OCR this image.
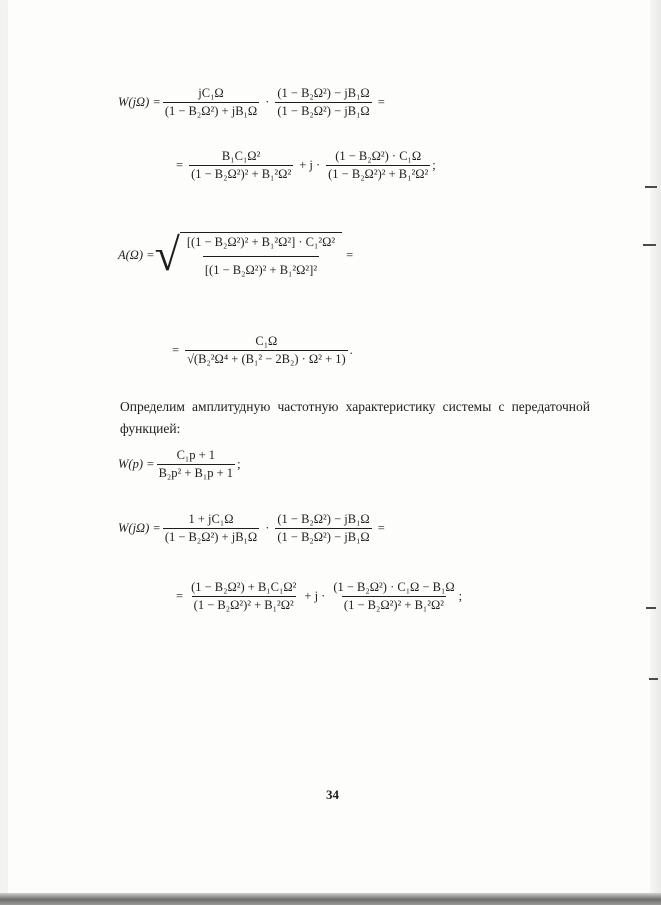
$W(j\Omega) = \frac{\text{jC₁Ω}}{\text{(1 − B₂Ω²) + jB₁Ω}} \cdot \frac{\text{(1 − B₂Ω²) − jB₁Ω}}{\text{(1 − B₂Ω²) − jB₁Ω}}$ =
= $\frac{\text{B₁C₁Ω²}}{\text{(1 − B₂Ω²)² + B₁²Ω²}} + j \cdot \frac{\text{(1 − B₂Ω²) · C₁Ω}}{\text{(1 − B₂Ω²)² + B₁²Ω²}}$ ;
A(Ω) = √ $\frac{\text{[(1 − B₂Ω²)² + B₁²Ω²] · C₁²Ω²}}{\text{[(1 − B₂Ω²)² + B₁²Ω²]²}}$ =
= $\frac{\text{C₁Ω}}{\text{√(B₂²Ω⁴ + (B₁² − 2B₂) · Ω² + 1)}}$ .
Определим амплитудную частотную характеристику системы с передаточной функцией:
$W(p) = \frac{\text{C₁p + 1}}{\text{B₂p² + B₁p + 1}}$ ;
$W(j\Omega) = \frac{\text{1 + jC₁Ω}}{\text{(1 − B₂Ω²) + jB₁Ω}} \cdot \frac{\text{(1 − B₂Ω²) − jB₁Ω}}{\text{(1 − B₂Ω²) − jB₁Ω}}$ =
= $\frac{\text{(1 − B₂Ω²) + B₁C₁Ω²}}{\text{(1 − B₂Ω²)² + B₁²Ω²}} + j \cdot \frac{\text{(1 − B₂Ω²) · C₁Ω − B₁Ω}}{\text{(1 − B₂Ω²)² + B₁²Ω²}}$ ;
34
